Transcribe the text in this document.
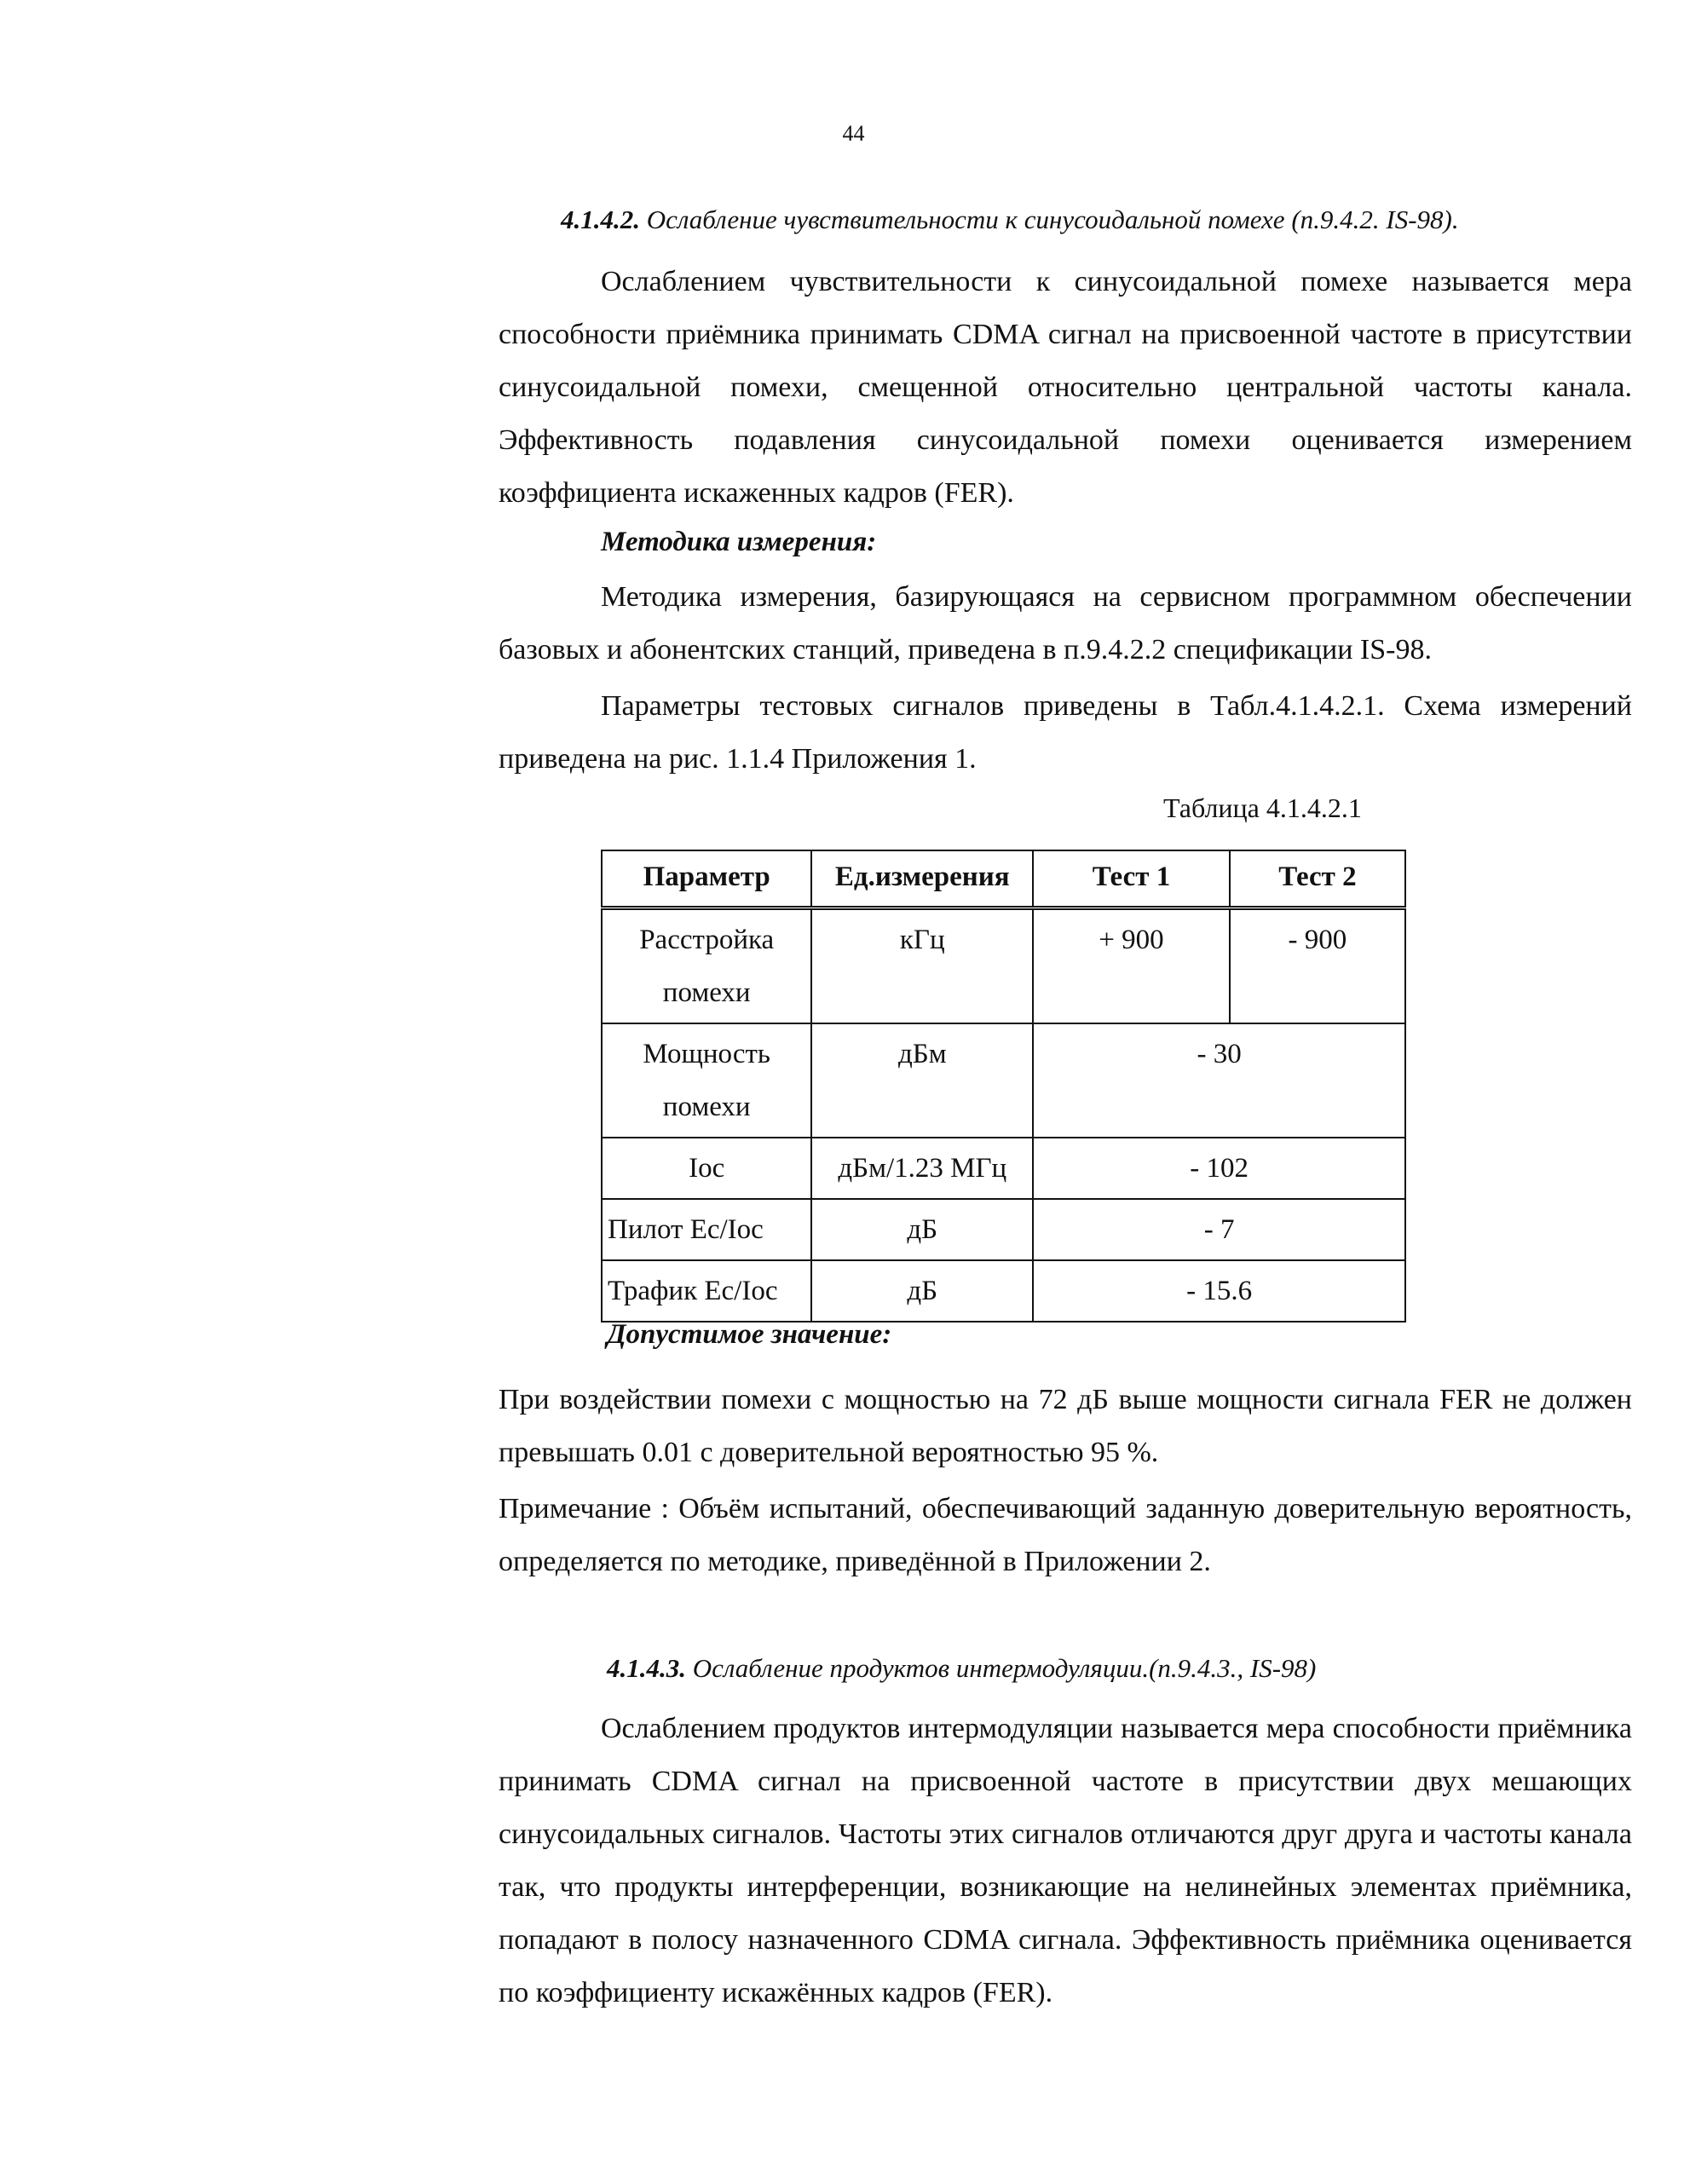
44
4.1.4.2. Ослабление чувствительности к синусоидальной помехе (п.9.4.2. IS-98).

Ослаблением чувствительности к синусоидальной помехе называется мера способности приёмника принимать CDMA сигнал на присвоенной частоте в присутствии синусоидальной помехи, смещенной относительно центральной частоты канала. Эффективность подавления синусоидальной помехи оценивается измерением коэффициента искаженных кадров (FER).

Методика измерения:

Методика измерения, базирующаяся на сервисном программном обеспечении базовых и абонентских станций, приведена в п.9.4.2.2 спецификации IS-98.

Параметры тестовых сигналов приведены в Табл.4.1.4.2.1. Схема измерений приведена на рис. 1.1.4 Приложения 1.

Таблица 4.1.4.2.1
Параметр	Ед.измерения	Тест 1	Тест 2
Расстройка помехи	кГц	+ 900	- 900
Мощность помехи	дБм	- 30	
Ioc	дБм/1.23 МГц	- 102	
Пилот Ec/Ioc	дБ	- 7	
Трафик Ec/Ioc	дБ	- 15.6	
Допустимое значение:

При воздействии помехи с мощностью на 72 дБ выше мощности сигнала FER не должен превышать 0.01 с доверительной вероятностью 95 %.

Примечание : Объём испытаний, обеспечивающий заданную доверительную вероятность, определяется по методике, приведённой в Приложении 2.

4.1.4.3. Ослабление продуктов интермодуляции.(п.9.4.3., IS-98)

Ослаблением продуктов интермодуляции называется мера способности приёмника принимать CDMA сигнал на присвоенной частоте в присутствии двух мешающих синусоидальных сигналов. Частоты этих сигналов отличаются друг друга и частоты канала так, что продукты интерференции, возникающие на нелинейных элементах приёмника, попадают в полосу назначенного CDMA сигнала. Эффективность приёмника оценивается по коэффициенту искажённых кадров (FER).
